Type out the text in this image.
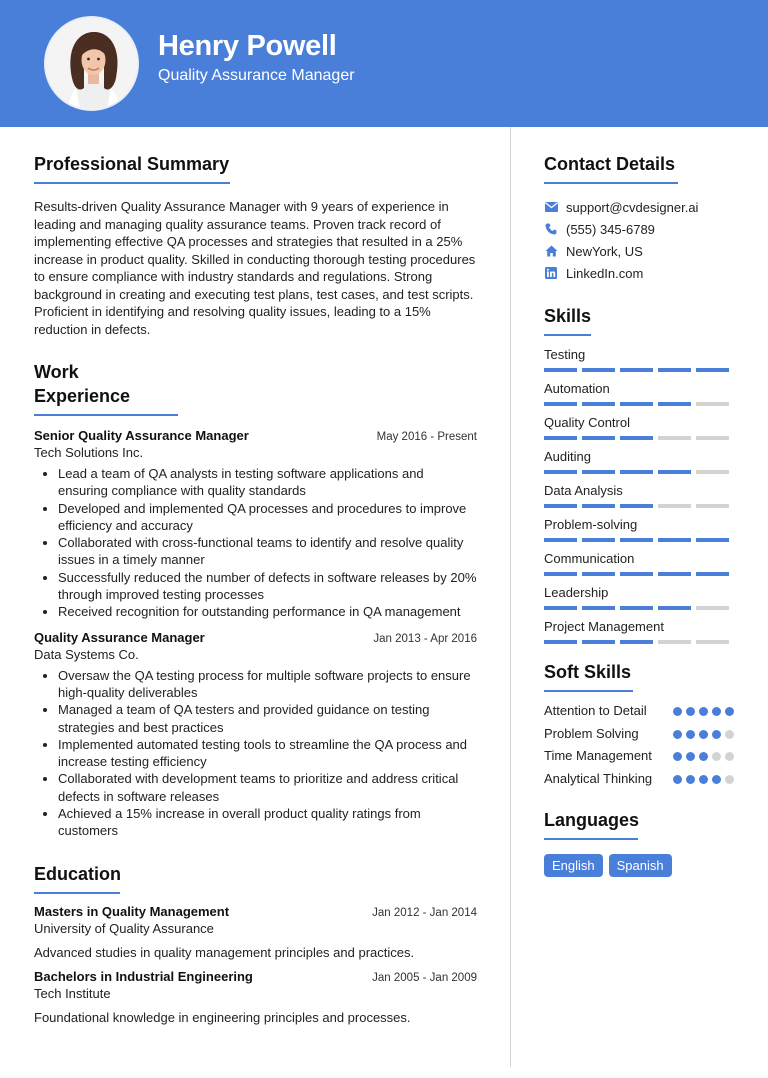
Henry Powell
Quality Assurance Manager
Professional Summary
Results-driven Quality Assurance Manager with 9 years of experience in leading and managing quality assurance teams. Proven track record of implementing effective QA processes and strategies that resulted in a 25% increase in product quality. Skilled in conducting thorough testing procedures to ensure compliance with industry standards and regulations. Strong background in creating and executing test plans, test cases, and test scripts. Proficient in identifying and resolving quality issues, leading to a 15% reduction in defects.
Work Experience
Senior Quality Assurance Manager	May 2016 - Present
Tech Solutions Inc.
• Lead a team of QA analysts in testing software applications and ensuring compliance with quality standards
• Developed and implemented QA processes and procedures to improve efficiency and accuracy
• Collaborated with cross-functional teams to identify and resolve quality issues in a timely manner
• Successfully reduced the number of defects in software releases by 20% through improved testing processes
• Received recognition for outstanding performance in QA management
Quality Assurance Manager	Jan 2013 - Apr 2016
Data Systems Co.
• Oversaw the QA testing process for multiple software projects to ensure high-quality deliverables
• Managed a team of QA testers and provided guidance on testing strategies and best practices
• Implemented automated testing tools to streamline the QA process and increase testing efficiency
• Collaborated with development teams to prioritize and address critical defects in software releases
• Achieved a 15% increase in overall product quality ratings from customers
Education
Masters in Quality Management	Jan 2012 - Jan 2014
University of Quality Assurance
Advanced studies in quality management principles and practices.
Bachelors in Industrial Engineering	Jan 2005 - Jan 2009
Tech Institute
Foundational knowledge in engineering principles and processes.
Contact Details
support@cvdesigner.ai
(555) 345-6789
NewYork, US
LinkedIn.com
Skills
Testing
Automation
Quality Control
Auditing
Data Analysis
Problem-solving
Communication
Leadership
Project Management
Soft Skills
Attention to Detail
Problem Solving
Time Management
Analytical Thinking
Languages
English	Spanish
